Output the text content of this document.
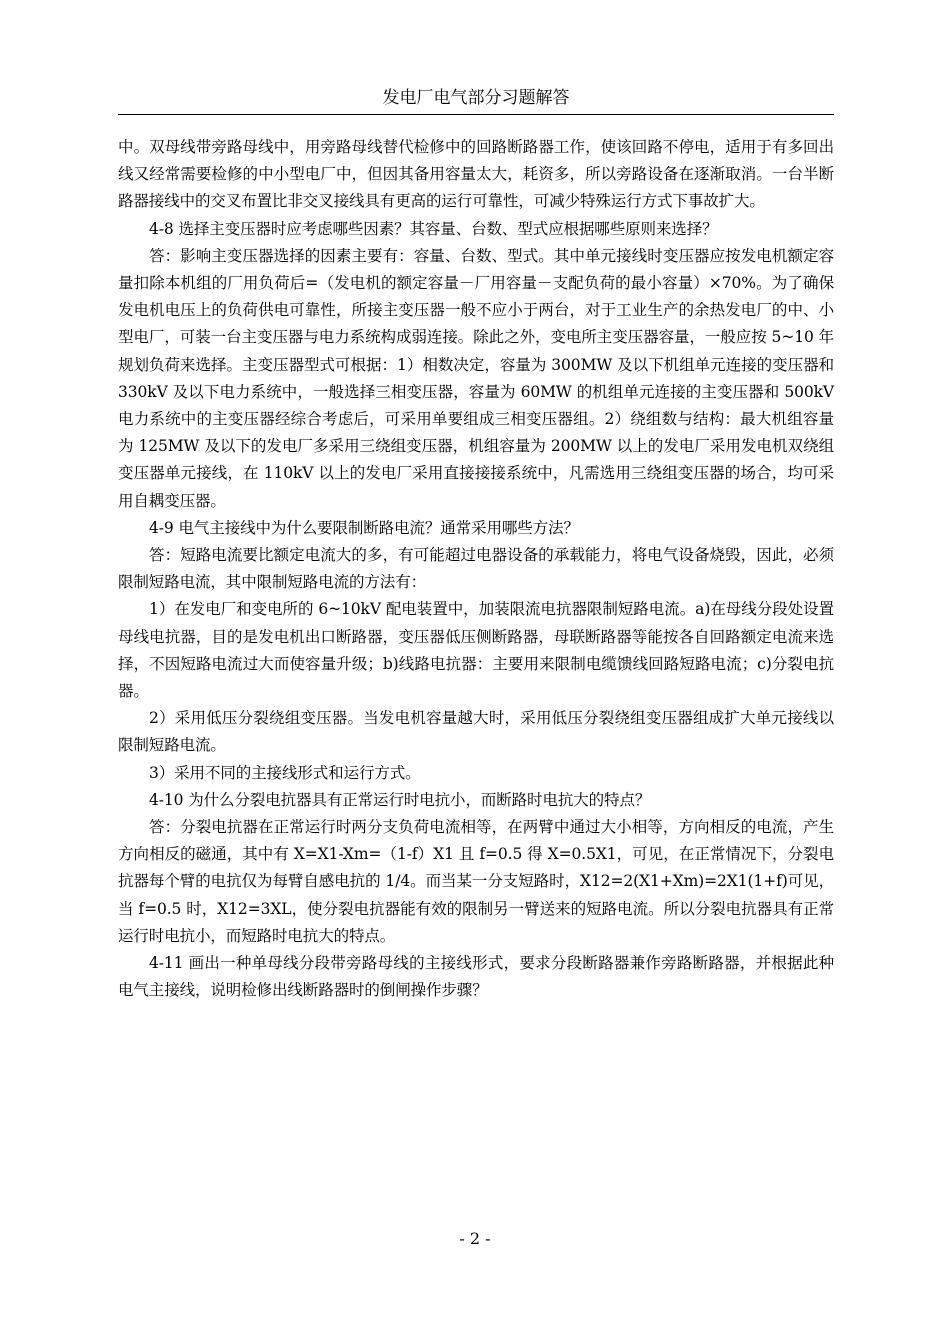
发电厂电气部分习题解答

中。双母线带旁路母线中，用旁路母线替代检修中的回路断路器工作，使该回路不停电，适用于有多回出线又经常需要检修的中小型电厂中，但因其备用容量太大，耗资多，所以旁路设备在逐渐取消。一台半断路器接线中的交叉布置比非交叉接线具有更高的运行可靠性，可减少特殊运行方式下事故扩大。

4-8 选择主变压器时应考虑哪些因素？其容量、台数、型式应根据哪些原则来选择？

答：影响主变压器选择的因素主要有：容量、台数、型式。其中单元接线时变压器应按发电机额定容量扣除本机组的厂用负荷后=（发电机的额定容量－厂用容量－支配负荷的最小容量）×70%。为了确保发电机电压上的负荷供电可靠性，所接主变压器一般不应小于两台，对于工业生产的余热发电厂的中、小型电厂，可装一台主变压器与电力系统构成弱连接。除此之外，变电所主变压器容量，一般应按 5~10 年规划负荷来选择。主变压器型式可根据：1）相数决定，容量为 300MW 及以下机组单元连接的变压器和 330kV 及以下电力系统中，一般选择三相变压器，容量为 60MW 的机组单元连接的主变压器和 500kV 电力系统中的主变压器经综合考虑后，可采用单要组成三相变压器组。2）绕组数与结构：最大机组容量为 125MW 及以下的发电厂多采用三绕组变压器，机组容量为 200MW 以上的发电厂采用发电机双绕组变压器单元接线，在 110kV 以上的发电厂采用直接接接系统中，凡需选用三绕组变压器的场合，均可采用自耦变压器。

4-9 电气主接线中为什么要限制断路电流？通常采用哪些方法？

答：短路电流要比额定电流大的多，有可能超过电器设备的承载能力，将电气设备烧毁，因此，必须限制短路电流，其中限制短路电流的方法有：

1）在发电厂和变电所的 6~10kV 配电装置中，加装限流电抗器限制短路电流。a)在母线分段处设置母线电抗器，目的是发电机出口断路器，变压器低压侧断路器，母联断路器等能按各自回路额定电流来选择，不因短路电流过大而使容量升级；b)线路电抗器：主要用来限制电缆馈线回路短路电流；c)分裂电抗器。

2）采用低压分裂绕组变压器。当发电机容量越大时，采用低压分裂绕组变压器组成扩大单元接线以限制短路电流。

3）采用不同的主接线形式和运行方式。

4-10 为什么分裂电抗器具有正常运行时电抗小，而断路时电抗大的特点？

答：分裂电抗器在正常运行时两分支负荷电流相等，在两臂中通过大小相等，方向相反的电流，产生方向相反的磁通，其中有 X=X1-Xm=（1-f）X1 且 f=0.5 得 X=0.5X1，可见，在正常情况下，分裂电抗器每个臂的电抗仅为每臂自感电抗的 1/4。而当某一分支短路时，X12=2(X1+Xm)=2X1(1+f)可见，当 f=0.5 时，X12=3XL，使分裂电抗器能有效的限制另一臂送来的短路电流。所以分裂电抗器具有正常运行时电抗小，而短路时电抗大的特点。

4-11 画出一种单母线分段带旁路母线的主接线形式，要求分段断路器兼作旁路断路器，并根据此种电气主接线，说明检修出线断路器时的倒闸操作步骤？

- 2 -
